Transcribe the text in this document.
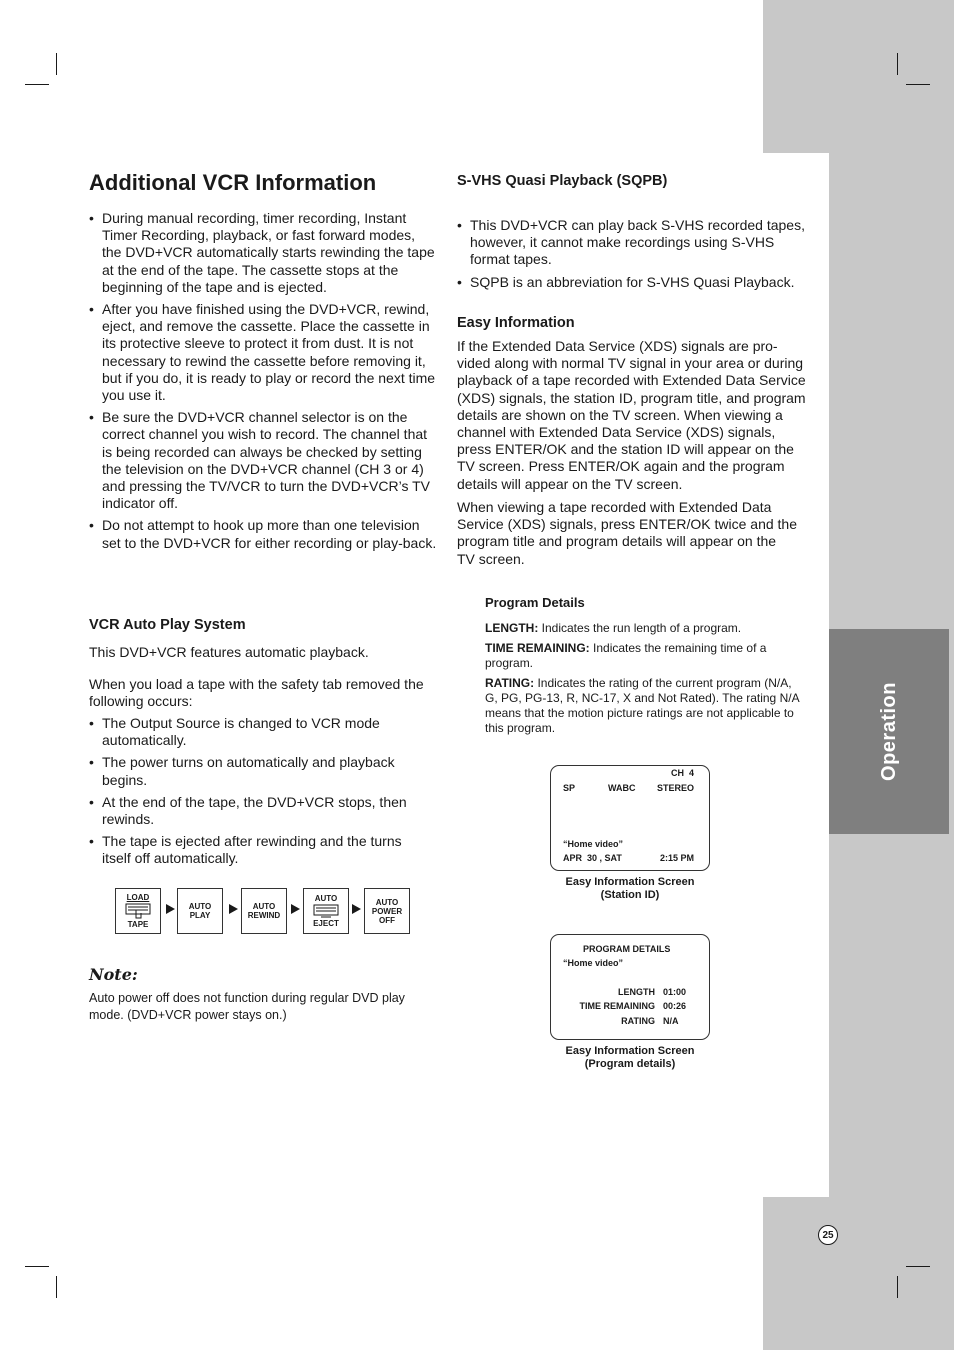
Operation
Additional VCR Information
• During manual recording, timer recording, Instant Timer Recording, playback, or fast forward modes, the DVD+VCR automatically starts rewinding the tape at the end of the tape. The cassette stops at the beginning of the tape and is ejected.
• After you have finished using the DVD+VCR, rewind, eject, and remove the cassette. Place the cassette in its protective sleeve to protect it from dust. It is not necessary to rewind the cassette before removing it, but if you do, it is ready to play or record the next time you use it.
• Be sure the DVD+VCR channel selector is on the correct channel you wish to record. The channel that is being recorded can always be checked by setting the television on the DVD+VCR channel (CH 3 or 4) and pressing the TV/VCR to turn the DVD+VCR’s TV indicator off.
• Do not attempt to hook up more than one television set to the DVD+VCR for either recording or play-back.
VCR Auto Play System
This DVD+VCR features automatic playback.
When you load a tape with the safety tab removed the following occurs:
• The Output Source is changed to VCR mode automatically.
• The power turns on automatically and playback begins.
• At the end of the tape, the DVD+VCR stops, then rewinds.
• The tape is ejected after rewinding and the turns itself off automatically.
LOAD
TAPE
AUTO
PLAY
AUTO
REWIND
AUTO
EJECT
AUTO
POWER
OFF
Note:
Auto power off does not function during regular DVD play mode. (DVD+VCR power stays on.)
S-VHS Quasi Playback (SQPB)
• This DVD+VCR can play back S-VHS recorded tapes, however, it cannot make recordings using S-VHS format tapes.
• SQPB is an abbreviation for S-VHS Quasi Playback.
Easy Information
If the Extended Data Service (XDS) signals are pro-vided along with normal TV signal in your area or during playback of a tape recorded with Extended Data Service (XDS) signals, the station ID, program title, and program details are shown on the TV screen. When viewing a channel with Extended Data Service (XDS) signals, press ENTER/OK and the station ID will appear on the TV screen. Press ENTER/OK again and the program details will appear on the TV screen.
When viewing a tape recorded with Extended Data Service (XDS) signals, press ENTER/OK twice and the program title and program details will appear on the TV screen.
Program Details
LENGTH: Indicates the run length of a program.
TIME REMAINING: Indicates the remaining time of a program.
RATING: Indicates the rating of the current program (N/A, G, PG, PG-13, R, NC-17, X and Not Rated). The rating N/A means that the motion picture ratings are not applicable to this program.
CH  4
SP	WABC STEREO
“Home video”
APR  30 , SAT	2:15 PM
Easy Information Screen
(Station ID)
PROGRAM DETAILS
“Home video”
LENGTH 01:00
TIME REMAINING 00:26
RATING N/A
Easy Information Screen
(Program details)
25
